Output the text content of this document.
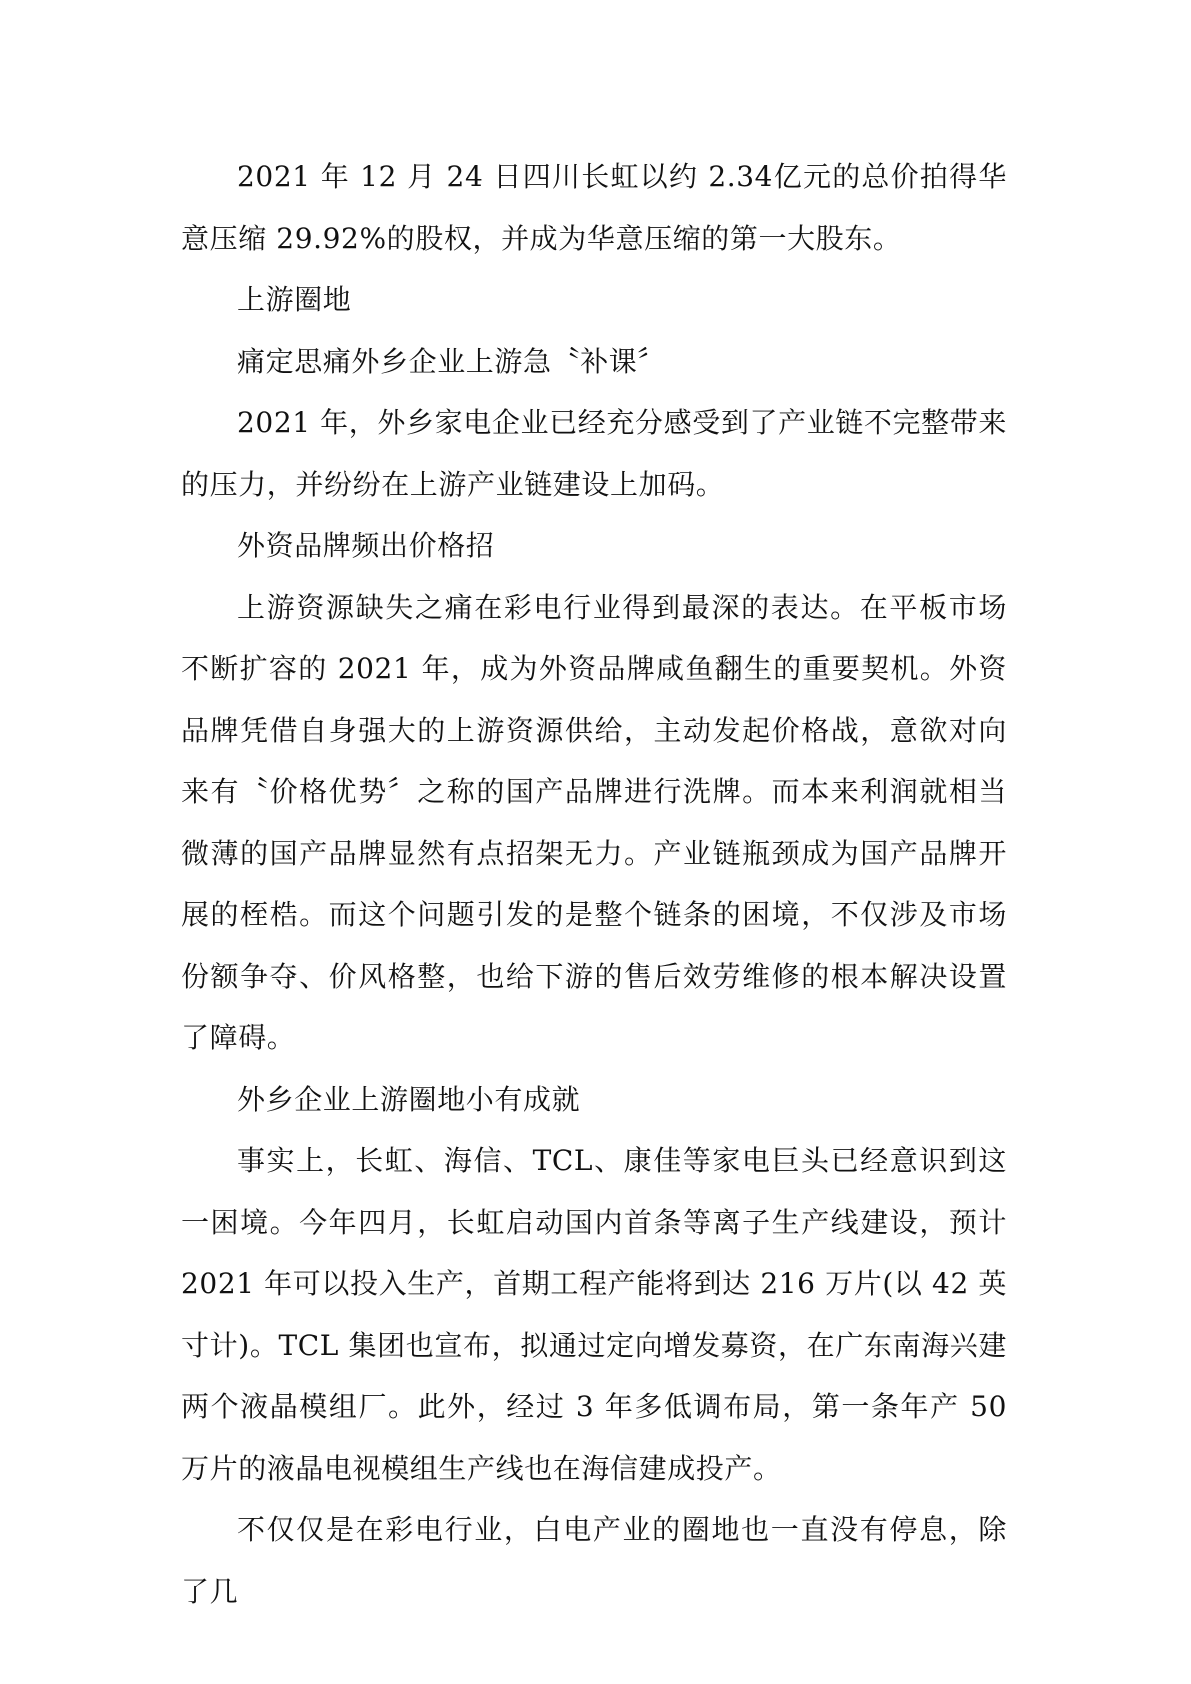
2021 年 12 月 24 日四川长虹以约 2.34亿元的总价拍得华意压缩 29.92%的股权，并成为华意压缩的第一大股东。

上游圈地

痛定思痛外乡企业上游急〝补课〞

2021 年，外乡家电企业已经充分感受到了产业链不完整带来的压力，并纷纷在上游产业链建设上加码。

外资品牌频出价格招

上游资源缺失之痛在彩电行业得到最深的表达。在平板市场不断扩容的 2021 年，成为外资品牌咸鱼翻生的重要契机。外资品牌凭借自身强大的上游资源供给，主动发起价格战，意欲对向来有〝价格优势〞之称的国产品牌进行洗牌。而本来利润就相当微薄的国产品牌显然有点招架无力。产业链瓶颈成为国产品牌开展的桎梏。而这个问题引发的是整个链条的困境，不仅涉及市场份额争夺、价风格整，也给下游的售后效劳维修的根本解决设置了障碍。

外乡企业上游圈地小有成就

事实上，长虹、海信、TCL、康佳等家电巨头已经意识到这一困境。今年四月，长虹启动国内首条等离子生产线建设，预计 2021 年可以投入生产，首期工程产能将到达 216 万片(以 42 英寸计)。TCL 集团也宣布，拟通过定向增发募资，在广东南海兴建两个液晶模组厂。此外，经过 3 年多低调布局，第一条年产 50 万片的液晶电视模组生产线也在海信建成投产。

不仅仅是在彩电行业，白电产业的圈地也一直没有停息，除了几
